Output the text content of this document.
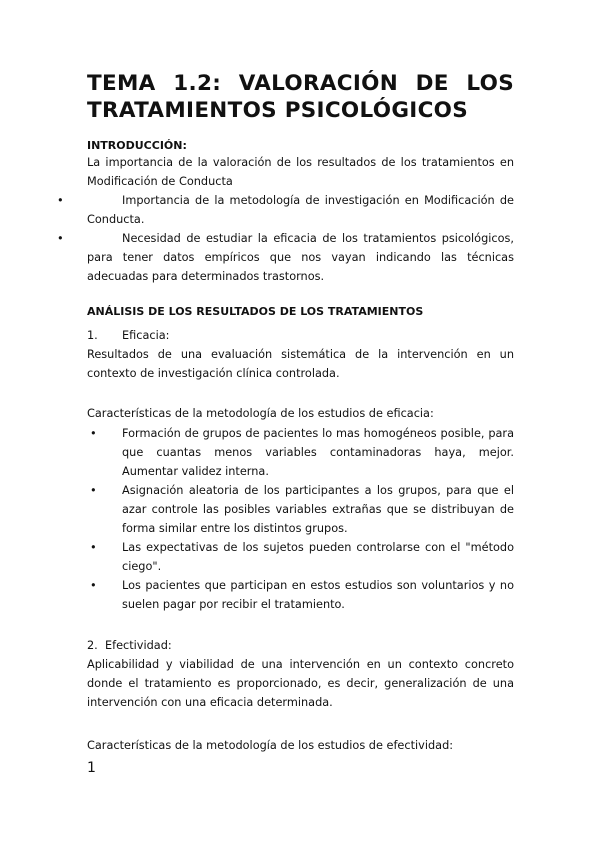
TEMA 1.2: VALORACIÓN DE LOS
TRATAMIENTOS PSICOLÓGICOS
INTRODUCCIÓN:
La importancia de la valoración de los resultados de los tratamientos en Modificación de Conducta
•	Importancia de la metodología de investigación en Modificación de Conducta.
•	Necesidad de estudiar la eficacia de los tratamientos psicológicos, para tener datos empíricos que nos vayan indicando las técnicas adecuadas para determinados trastornos.
ANÁLISIS DE LOS RESULTADOS DE LOS TRATAMIENTOS
1. Eficacia:
Resultados de una evaluación sistemática de la intervención en un contexto de investigación clínica controlada.
Características de la metodología de los estudios de eficacia:
• Formación de grupos de pacientes lo mas homogéneos posible, para que cuantas menos variables contaminadoras haya, mejor. Aumentar validez interna.
• Asignación aleatoria de los participantes a los grupos, para que el azar controle las posibles variables extrañas que se distribuyan de forma similar entre los distintos grupos.
• Las expectativas de los sujetos pueden controlarse con el "método ciego".
• Los pacientes que participan en estos estudios son voluntarios y no suelen pagar por recibir el tratamiento.
2.  Efectividad:
Aplicabilidad y viabilidad de una intervención en un contexto concreto donde el tratamiento es proporcionado, es decir, generalización de una intervención con una eficacia determinada.
Características de la metodología de los estudios de efectividad:
1
